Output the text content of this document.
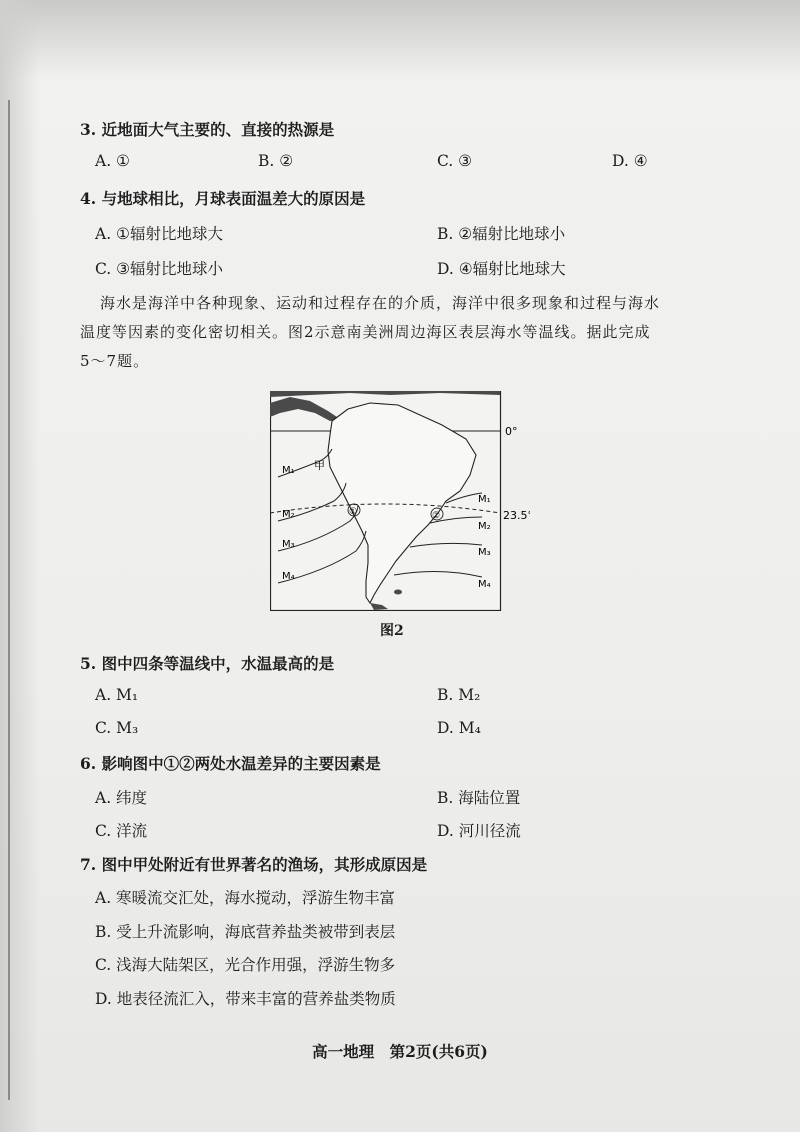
3. 近地面大气主要的、直接的热源是
A. ①	B. ②	C. ③	D. ④
4. 与地球相比，月球表面温差大的原因是
A. ①辐射比地球大	B. ②辐射比地球小
C. ③辐射比地球小	D. ④辐射比地球大
海水是海洋中各种现象、运动和过程存在的介质，海洋中很多现象和过程与海水
温度等因素的变化密切相关。图2示意南美洲周边海区表层海水等温线。据此完成
5～7题。
甲
①	②
M₁
M₂
M₃
M₄
M₁
M₂
M₃
M₄
0°
23.5°
图2
5. 图中四条等温线中，水温最高的是
A. M₁	B. M₂
C. M₃	D. M₄
6. 影响图中①②两处水温差异的主要因素是
A. 纬度	B. 海陆位置
C. 洋流	D. 河川径流
7. 图中甲处附近有世界著名的渔场，其形成原因是
A. 寒暖流交汇处，海水搅动，浮游生物丰富
B. 受上升流影响，海底营养盐类被带到表层
C. 浅海大陆架区，光合作用强，浮游生物多
D. 地表径流汇入，带来丰富的营养盐类物质
高一地理　第2页(共6页)
